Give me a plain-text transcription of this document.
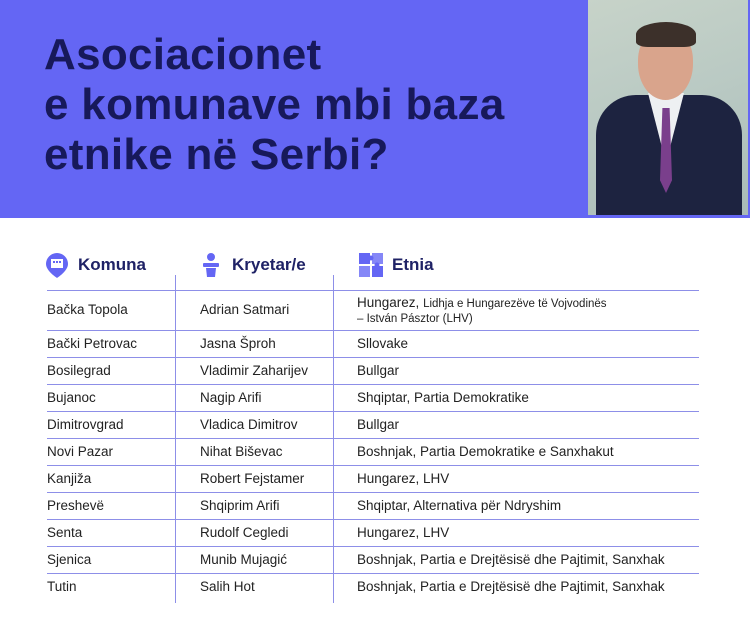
Asociacionet
e komunave mbi baza
etnike në Serbi?
Komuna	Kryetar/e	Etnia
Bačka Topola	Adrian Satmari	Hungarez, Lidhja e Hungarezëve të Vojvodinës
– István Pásztor (LHV)
Bački Petrovac	Jasna Šproh	Sllovake
Bosilegrad	Vladimir Zaharijev	Bullgar
Bujanoc	Nagip Arifi	Shqiptar, Partia Demokratike
Dimitrovgrad	Vladica Dimitrov	Bullgar
Novi Pazar	Nihat Biševac	Boshnjak, Partia Demokratike e Sanxhakut
Kanjiža	Robert Fejstamer	Hungarez, LHV
Preshevë	Shqiprim Arifi	Shqiptar, Alternativa për Ndryshim
Senta	Rudolf Cegledi	Hungarez, LHV
Sjenica	Munib Mujagić	Boshnjak, Partia e Drejtësisë dhe Pajtimit, Sanxhak
Tutin	Salih Hot	Boshnjak, Partia e Drejtësisë dhe Pajtimit, Sanxhak
